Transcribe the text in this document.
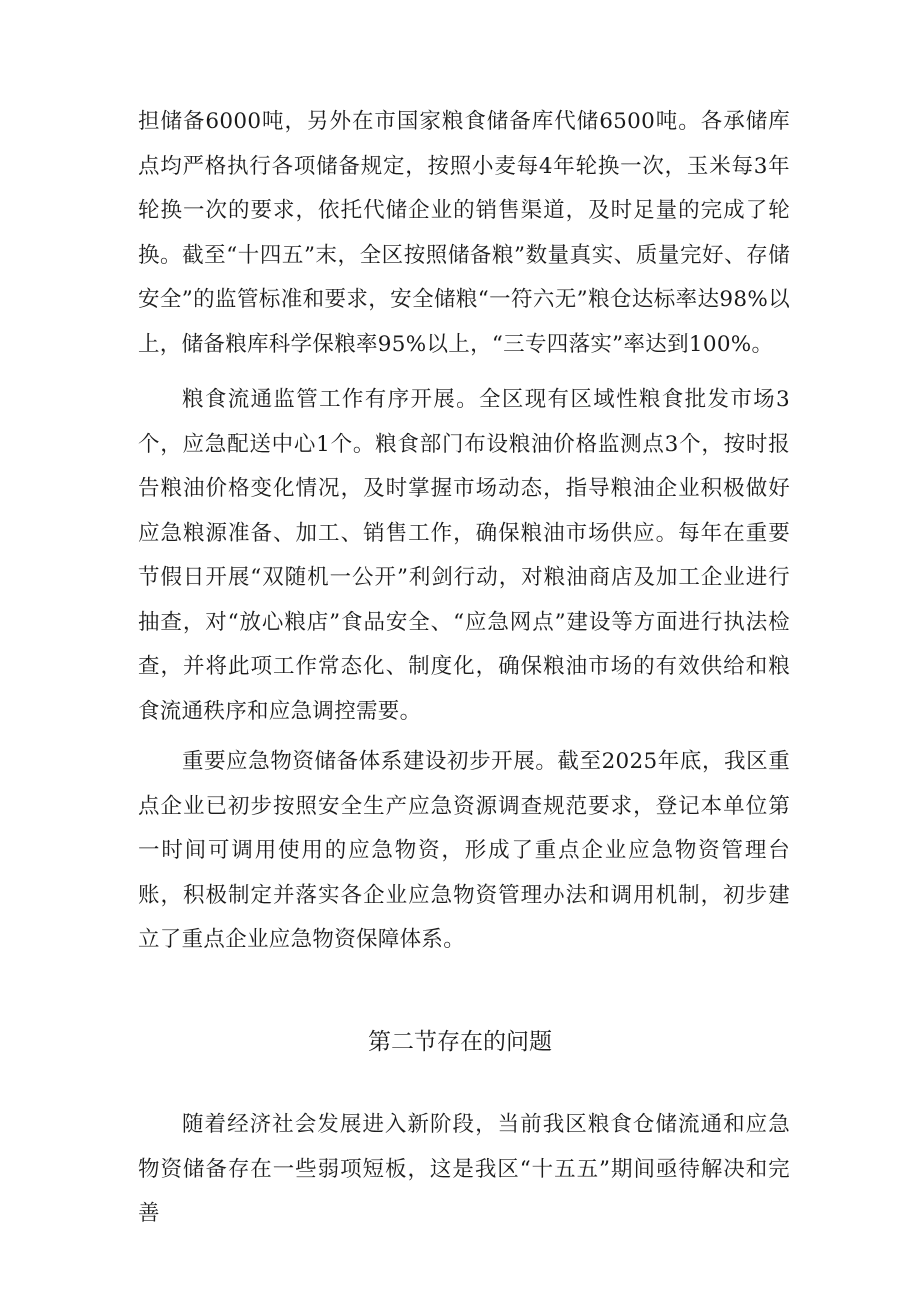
担储备6000吨，另外在市国家粮食储备库代储6500吨。各承储库点均严格执行各项储备规定，按照小麦每4年轮换一次，玉米每3年轮换一次的要求，依托代储企业的销售渠道，及时足量的完成了轮换。截至“十四五”末，全区按照储备粮”数量真实、质量完好、存储安全”的监管标准和要求，安全储粮“一符六无”粮仓达标率达98%以上，储备粮库科学保粮率95%以上，“三专四落实”率达到100%。

粮食流通监管工作有序开展。全区现有区域性粮食批发市场3个，应急配送中心1个。粮食部门布设粮油价格监测点3个，按时报告粮油价格变化情况，及时掌握市场动态，指导粮油企业积极做好应急粮源准备、加工、销售工作，确保粮油市场供应。每年在重要节假日开展“双随机一公开”利剑行动，对粮油商店及加工企业进行抽查，对“放心粮店”食品安全、“应急网点”建设等方面进行执法检查，并将此项工作常态化、制度化，确保粮油市场的有效供给和粮食流通秩序和应急调控需要。

重要应急物资储备体系建设初步开展。截至2025年底，我区重点企业已初步按照安全生产应急资源调查规范要求，登记本单位第一时间可调用使用的应急物资，形成了重点企业应急物资管理台账，积极制定并落实各企业应急物资管理办法和调用机制，初步建立了重点企业应急物资保障体系。

第二节存在的问题

随着经济社会发展进入新阶段，当前我区粮食仓储流通和应急物资储备存在一些弱项短板，这是我区“十五五”期间亟待解决和完善
